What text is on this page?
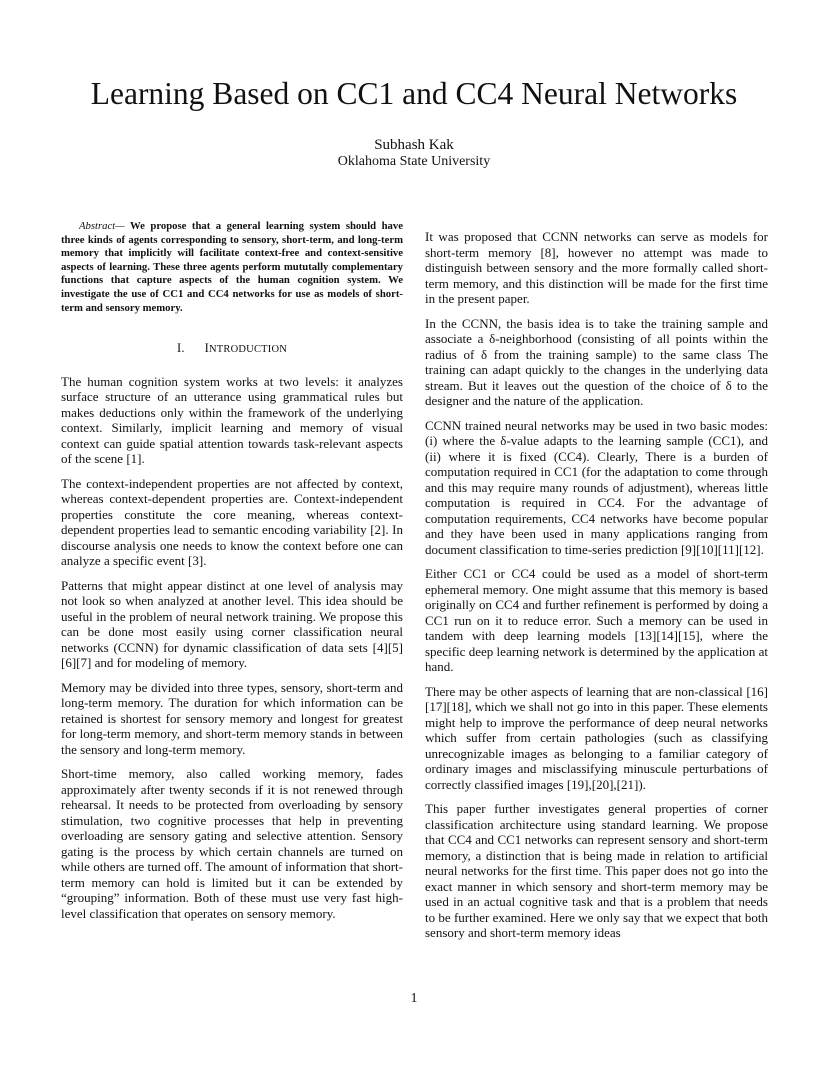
Learning Based on CC1 and CC4 Neural Networks
Subhash Kak
Oklahoma State University

Abstract— We propose that a general learning system should have three kinds of agents corresponding to sensory, short-term, and long-term memory that implicitly will facilitate context-free and context-sensitive aspects of learning. These three agents perform mututally complementary functions that capture aspects of the human cognition system. We investigate the use of CC1 and CC4 networks for use as models of short-term and sensory memory.

I. INTRODUCTION

The human cognition system works at two levels: it analyzes surface structure of an utterance using grammatical rules but makes deductions only within the framework of the underlying context. Similarly, implicit learning and memory of visual context can guide spatial attention towards task-relevant aspects of the scene [1].

The context-independent properties are not affected by context, whereas context-dependent properties are. Context-independent properties constitute the core meaning, whereas context-dependent properties lead to semantic encoding variability [2]. In discourse analysis one needs to know the context before one can analyze a specific event [3].

Patterns that might appear distinct at one level of analysis may not look so when analyzed at another level. This idea should be useful in the problem of neural network training. We propose this can be done most easily using corner classification neural networks (CCNN) for dynamic classification of data sets [4][5][6][7] and for modeling of memory.

Memory may be divided into three types, sensory, short-term and long-term memory. The duration for which information can be retained is shortest for sensory memory and longest for greatest for long-term memory, and short-term memory stands in between the sensory and long-term memory.

Short-time memory, also called working memory, fades approximately after twenty seconds if it is not renewed through rehearsal. It needs to be protected from overloading by sensory stimulation, two cognitive processes that help in preventing overloading are sensory gating and selective attention. Sensory gating is the process by which certain channels are turned on while others are turned off. The amount of information that short-term memory can hold is limited but it can be extended by “grouping” information. Both of these must use very fast high-level classification that operates on sensory memory.

It was proposed that CCNN networks can serve as models for short-term memory [8], however no attempt was made to distinguish between sensory and the more formally called short-term memory, and this distinction will be made for the first time in the present paper.

In the CCNN, the basis idea is to take the training sample and associate a δ-neighborhood (consisting of all points within the radius of δ from the training sample) to the same class The training can adapt quickly to the changes in the underlying data stream. But it leaves out the question of the choice of δ to the designer and the nature of the application.

CCNN trained neural networks may be used in two basic modes: (i) where the δ-value adapts to the learning sample (CC1), and (ii) where it is fixed (CC4). Clearly, There is a burden of computation required in CC1 (for the adaptation to come through and this may require many rounds of adjustment), whereas little computation is required in CC4. For the advantage of computation requirements, CC4 networks have become popular and they have been used in many applications ranging from document classification to time-series prediction [9][10][11][12].

Either CC1 or CC4 could be used as a model of short-term ephemeral memory. One might assume that this memory is based originally on CC4 and further refinement is performed by doing a CC1 run on it to reduce error. Such a memory can be used in tandem with deep learning models [13][14][15], where the specific deep learning network is determined by the application at hand.

There may be other aspects of learning that are non-classical [16][17][18], which we shall not go into in this paper. These elements might help to improve the performance of deep neural networks which suffer from certain pathologies (such as classifying unrecognizable images as belonging to a familiar category of ordinary images and misclassifying minuscule perturbations of correctly classified images [19],[20],[21]).

This paper further investigates general properties of corner classification architecture using standard learning. We propose that CC4 and CC1 networks can represent sensory and short-term memory, a distinction that is being made in relation to artificial neural networks for the first time. This paper does not go into the exact manner in which sensory and short-term memory may be used in an actual cognitive task and that is a problem that needs to be further examined. Here we only say that we expect that both sensory and short-term memory ideas

1
